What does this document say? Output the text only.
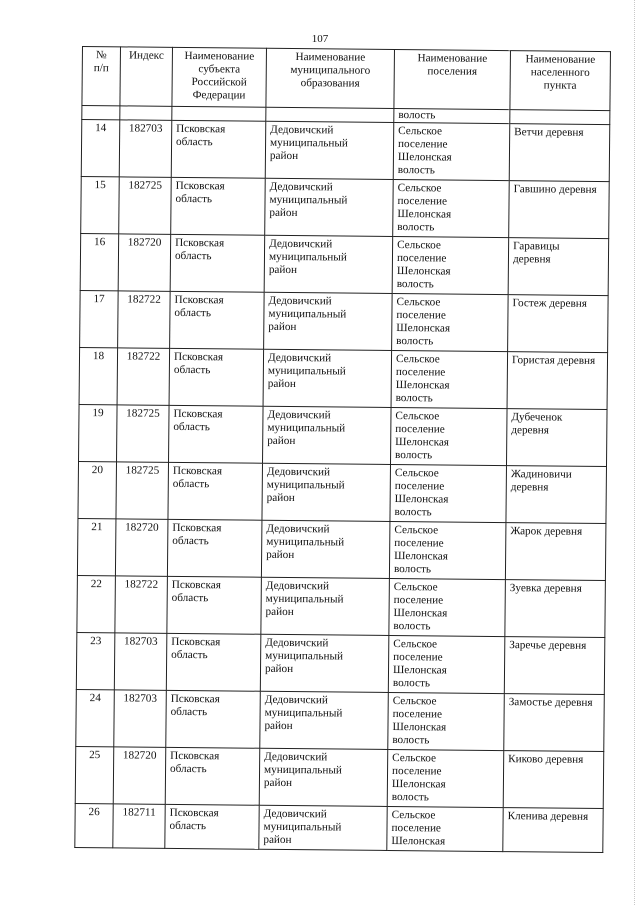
107
№
п/п	Индекс	Наименование
субъекта
Российской
Федерации	Наименование
муниципального
образования	Наименование
поселения	Наименование
населенного
пункта

				волость	

14	182703	Псковская
область	Дедовичский
муниципальный
район	Сельское
поселение
Шелонская
волость	Ветчи деревня

15	182725	Псковская
область	Дедовичский
муниципальный
район	Сельское
поселение
Шелонская
волость	Гавшино деревня

16	182720	Псковская
область	Дедовичский
муниципальный
район	Сельское
поселение
Шелонская
волость	Гаравицы
деревня

17	182722	Псковская
область	Дедовичский
муниципальный
район	Сельское
поселение
Шелонская
волость	Гостеж деревня

18	182722	Псковская
область	Дедовичский
муниципальный
район	Сельское
поселение
Шелонская
волость	Гористая деревня

19	182725	Псковская
область	Дедовичский
муниципальный
район	Сельское
поселение
Шелонская
волость	Дубеченок
деревня

20	182725	Псковская
область	Дедовичский
муниципальный
район	Сельское
поселение
Шелонская
волость	Жадиновичи
деревня

21	182720	Псковская
область	Дедовичский
муниципальный
район	Сельское
поселение
Шелонская
волость	Жарок деревня

22	182722	Псковская
область	Дедовичский
муниципальный
район	Сельское
поселение
Шелонская
волость	Зуевка деревня

23	182703	Псковская
область	Дедовичский
муниципальный
район	Сельское
поселение
Шелонская
волость	Заречье деревня

24	182703	Псковская
область	Дедовичский
муниципальный
район	Сельское
поселение
Шелонская
волость	Замостье деревня

25	182720	Псковская
область	Дедовичский
муниципальный
район	Сельское
поселение
Шелонская
волость	Киково деревня

26	182711	Псковская
область	Дедовичский
муниципальный
район	Сельское
поселение
Шелонская	Кленива деревня
